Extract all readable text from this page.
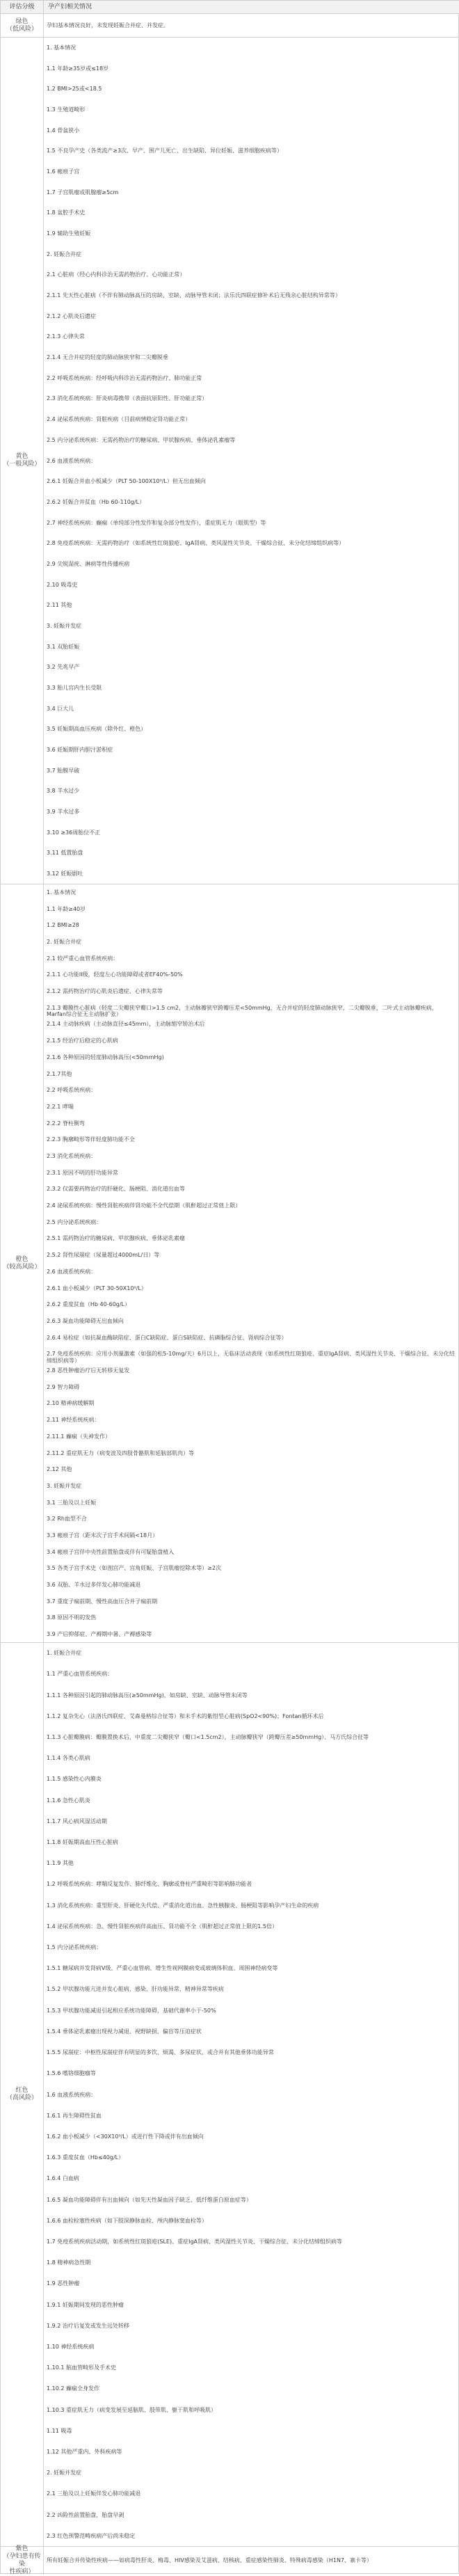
评估分级	孕产妇相关情况
绿色
（低风险） 孕妇基本情况良好，未发现妊娠合并症、并发症。
黄色
（一般风险）
1. 基本情况
1.1 年龄≥35岁或≤18岁
1.2 BMI>25或<18.5
1.3 生殖道畸形
1.4 骨盆狭小
1.5 不良孕产史（各类流产≥3次、早产、围产儿死亡、出生缺陷、异位妊娠、滋养细胞疾病等）
1.6 瘢痕子宫
1.7 子宫肌瘤或肌腺瘤≥5cm
1.8 盆腔手术史
1.9 辅助生殖妊娠
2. 妊娠合并症
2.1 心脏病（经心内科诊治无需药物治疗、心功能正常）
2.1.1 先天性心脏病（不伴有肺动脉高压的房缺、室缺、动脉导管未闭；法乐氏四联症修补术后无残余心脏结构异常等）
2.1.2 心肌炎后遗症
2.1.3 心律失常
2.1.4 无合并症的轻度的肺动脉狭窄和二尖瓣脱垂
2.2 呼吸系统疾病：经呼吸内科诊治无需药物治疗、肺功能正常
2.3 消化系统疾病：肝炎病毒携带（表面抗原阳性、肝功能正常）
2.4 泌尿系统疾病：肾脏疾病（目前病情稳定肾功能正常）
2.5 内分泌系统疾病：无需药物治疗的糖尿病、甲状腺疾病、垂体泌乳素瘤等
2.6 血液系统疾病：
2.6.1 妊娠合并血小板减少（PLT 50-100X10⁹/L）但无出血倾向
2.6.2 妊娠合并贫血（Hb 60-110g/L）
2.7 神经系统疾病：癫痫（单纯部分性发作和复杂部分性发作），重症肌无力（眼肌型）等
2.8 免疫系统疾病：无需药物治疗（如系统性红斑狼疮、IgA肾病、类风湿性关节炎、干燥综合征、未分化结缔组织病等）
2.9 尖锐湿疣、淋病等性传播疾病
2.10 吸毒史
2.11 其他
3. 妊娠并发症
3.1 双胎妊娠
3.2 先兆早产
3.3 胎儿宫内生长受限
3.4 巨大儿
3.5 妊娠期高血压疾病（除外红、橙色）
3.6 妊娠期肝内胆汁淤积症
3.7 胎膜早破
3.8 羊水过少
3.9 羊水过多
3.10 ≥36周胎位不正
3.11 低置胎盘
3.12 妊娠剧吐
橙色
（较高风险）
1. 基本情况
1.1 年龄≥40岁
1.2 BMI≥28
2. 妊娠合并症
2.1 较严重心血管系统疾病：
2.1.1 心功能II级，轻度左心功能障碍或者EF40%-50%
2.1.2 需药物治疗的心肌炎后遗症、心律失常等
2.1.3 瓣膜性心脏病（轻度二尖瓣狭窄瓣口>1.5 cm2，主动脉瓣狭窄跨瓣压差<50mmHg，无合并症的轻度肺动脉狭窄，二尖瓣脱垂，二叶式主动脉瓣疾病，Marfan综合征无主动脉扩张）
2.1.4 主动脉疾病（主动脉直径≤45mm），主动脉缩窄矫治术后
2.1.5 经治疗后稳定的心肌病
2.1.6 各种原因的轻度肺动脉高压(<50mmHg)
2.1.7其他
2.2 呼吸系统疾病：
2.2.1 哮喘
2.2.2 脊柱侧弯
2.2.3 胸廓畸形等伴轻度肺功能不全
2.3 消化系统疾病：
2.3.1 原因不明的肝功能异常
2.3.2 仅需要药物治疗的肝硬化、肠梗阻、消化道出血等
2.4 泌尿系统疾病：慢性肾脏疾病伴肾功能不全代偿期（肌酐超过正常值上限）
2.5 内分泌系统疾病：
2.5.1 需药物治疗的糖尿病、甲状腺疾病、垂体泌乳素瘤
2.5.2 肾性尿崩症（尿量超过4000mL/日）等
2.6 血液系统疾病：
2.6.1 血小板减少（PLT 30-50X10⁹/L）
2.6.2 重度贫血（Hb 40-60g/L）
2.6.3 凝血功能障碍无出血倾向
2.6.4 易栓症（如抗凝血酶缺陷症、蛋白C缺陷症、蛋白S缺陷症、抗磷脂综合征、肾病综合征等）
2.7 免疫系统疾病：应用小剂量激素（如强的松5-10mg/天）6月以上，无临床活动表现（如系统性红斑狼疮、重症IgA肾病、类风湿性关节炎、干燥综合征、未分化结缔组织病等）
2.8 恶性肿瘤治疗后无转移无复发
2.9 智力障碍
2.10 精神病缓解期
2.11 神经系统疾病：
2.11.1 癫痫（失神发作）
2.11.2 重症肌无力（病变波及四肢骨骼肌和延脑部肌肉）等
2.12 其他
3. 妊娠并发症
3.1 三胎及以上妊娠
3.2 Rh血型不合
3.3 瘢痕子宫（距末次子宫手术间隔<18月）
3.4 瘢痕子宫伴中央性前置胎盘或伴有可疑胎盘植入
3.5 各类子宫手术史（如剖宫产、宫角妊娠、子宫肌瘤挖除术等）≥2次
3.6 双胎、羊水过多伴发心肺功能减退
3.7 重度子痫前期、慢性高血压合并子痫前期
3.8 原因不明的发热
3.9 产后抑郁症、产褥期中暑、产褥感染等
红色
（高风险）
1. 妊娠合并症
1.1 严重心血管系统疾病：
1.1.1 各种原因引起的肺动脉高压(≥50mmHg)，如房缺、室缺、动脉导管未闭等
1.1.2 复杂先心（法洛氏四联症、艾森曼格综合征等）和未手术的紫绀型心脏病(SpO2<90%)；Fontan循环术后
1.1.3 心脏瓣膜病：瓣膜置换术后，中重度二尖瓣狭窄（瓣口<1.5cm2），主动脉瓣狭窄（跨瓣压差≥50mmHg）、马方氏综合征等
1.1.4 各类心肌病
1.1.5 感染性心内膜炎
1.1.6 急性心肌炎
1.1.7 风心病风湿活动期
1.1.8 妊娠期高血压性心脏病
1.1.9 其他
1.2 呼吸系统疾病：哮喘反复发作、肺纤维化、胸廓或脊柱严重畸形等影响肺功能者
1.3 消化系统疾病：重型肝炎、肝硬化失代偿、严重消化道出血、急性胰腺炎、肠梗阻等影响孕产妇生命的疾病
1.4 泌尿系统疾病：急、慢性肾脏疾病伴高血压、肾功能不全（肌酐超过正常值上限的1.5倍）
1.5 内分泌系统疾病：
1.5.1 糖尿病并发肾病V级、严重心血管病、增生性视网膜病变或玻璃体积血、周围神经病变等
1.5.2 甲状腺功能亢进并发心脏病、感染、肝功能异常、精神异常等疾病
1.5.3 甲状腺功能减退引起相应系统功能障碍，基础代谢率小于-50%
1.5.4 垂体泌乳素瘤出现视力减退、视野缺损、偏盲等压迫症状
1.5.5 尿崩症：中枢性尿崩症伴有明显的多饮、烦渴、多尿症状，或合并有其他垂体功能异常
1.5.6 嗜铬细胞瘤等
1.6 血液系统疾病：
1.6.1 再生障碍性贫血
1.6.2 血小板减少（<30X10⁹/L）或进行性下降或伴有出血倾向
1.6.3 重度贫血（Hb≤40g/L）
1.6.4 白血病
1.6.5 凝血功能障碍伴有出血倾向（如先天性凝血因子缺乏、低纤维蛋白原血症等）
1.6.6 血栓栓塞性疾病（如下肢深静脉血栓、颅内静脉窦血栓等）
1.7 免疫系统疾病活动期，如系统性红斑狼疮(SLE)、重症IgA肾病、类风湿性关节炎、干燥综合征、未分化结缔组织病等
1.8 精神病急性期
1.9 恶性肿瘤
1.9.1 妊娠期间发现的恶性肿瘤
1.9.2 治疗后复发或发生远处转移
1.10 神经系统疾病
1.10.1 脑血管畸形及手术史
1.10.2 癫痫全身发作
1.10.3 重症肌无力（病变发展至延脑肌、肢带肌、躯干肌和呼吸肌）
1.11 吸毒
1.12 其他严重内、外科疾病等
2. 妊娠并发症
2.1 三胎及以上妊娠伴发心肺功能减退
2.2 凶险性前置胎盘，胎盘早剥
2.3 红色预警范畴疾病产后尚未稳定
紫色
（孕妇患有传染
性疾病）
所有妊娠合并传染性疾病——如病毒性肝炎、梅毒、HIV感染及艾滋病、结核病、重症感染性肺炎、特殊病毒感染（H1N7、寨卡等）
